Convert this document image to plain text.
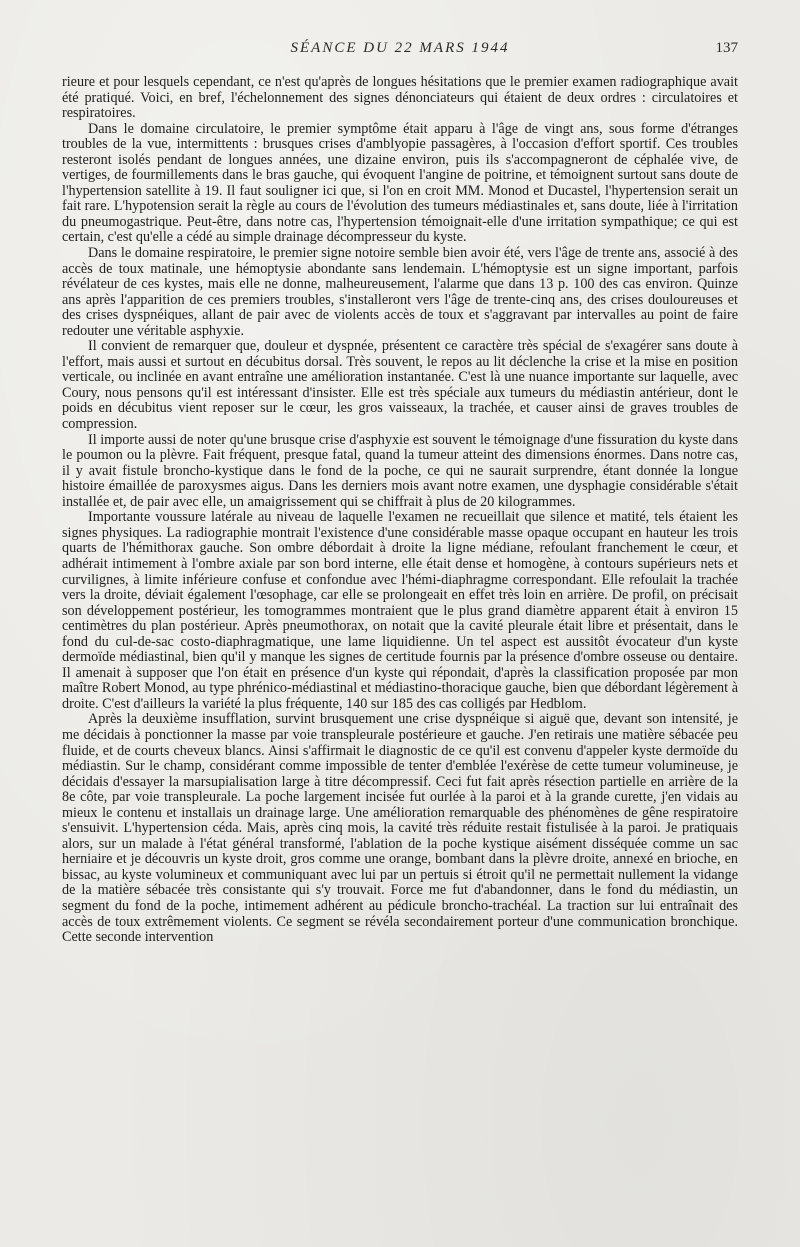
SÉANCE DU 22 MARS 1944	137

rieure et pour lesquels cependant, ce n'est qu'après de longues hésitations que le premier examen radiographique avait été pratiqué. Voici, en bref, l'échelonnement des signes dénonciateurs qui étaient de deux ordres : circulatoires et respiratoires.

Dans le domaine circulatoire, le premier symptôme était apparu à l'âge de vingt ans, sous forme d'étranges troubles de la vue, intermittents : brusques crises d'amblyopie passagères, à l'occasion d'effort sportif. Ces troubles resteront isolés pendant de longues années, une dizaine environ, puis ils s'accompagneront de céphalée vive, de vertiges, de fourmillements dans le bras gauche, qui évoquent l'angine de poitrine, et témoignent surtout sans doute de l'hypertension satellite à 19. Il faut souligner ici que, si l'on en croit MM. Monod et Ducastel, l'hypertension serait un fait rare. L'hypotension serait la règle au cours de l'évolution des tumeurs médiastinales et, sans doute, liée à l'irritation du pneumogastrique. Peut-être, dans notre cas, l'hypertension témoignait-elle d'une irritation sympathique; ce qui est certain, c'est qu'elle a cédé au simple drainage décompresseur du kyste.

Dans le domaine respiratoire, le premier signe notoire semble bien avoir été, vers l'âge de trente ans, associé à des accès de toux matinale, une hémoptysie abondante sans lendemain. L'hémoptysie est un signe important, parfois révélateur de ces kystes, mais elle ne donne, malheureusement, l'alarme que dans 13 p. 100 des cas environ. Quinze ans après l'apparition de ces premiers troubles, s'installeront vers l'âge de trente-cinq ans, des crises douloureuses et des crises dyspnéiques, allant de pair avec de violents accès de toux et s'aggravant par intervalles au point de faire redouter une véritable asphyxie.

Il convient de remarquer que, douleur et dyspnée, présentent ce caractère très spécial de s'exagérer sans doute à l'effort, mais aussi et surtout en décubitus dorsal. Très souvent, le repos au lit déclenche la crise et la mise en position verticale, ou inclinée en avant entraîne une amélioration instantanée. C'est là une nuance importante sur laquelle, avec Coury, nous pensons qu'il est intéressant d'insister. Elle est très spéciale aux tumeurs du médiastin antérieur, dont le poids en décubitus vient reposer sur le cœur, les gros vaisseaux, la trachée, et causer ainsi de graves troubles de compression.

Il importe aussi de noter qu'une brusque crise d'asphyxie est souvent le témoignage d'une fissuration du kyste dans le poumon ou la plèvre. Fait fréquent, presque fatal, quand la tumeur atteint des dimensions énormes. Dans notre cas, il y avait fistule broncho-kystique dans le fond de la poche, ce qui ne saurait surprendre, étant donnée la longue histoire émaillée de paroxysmes aigus. Dans les derniers mois avant notre examen, une dysphagie considérable s'était installée et, de pair avec elle, un amaigrissement qui se chiffrait à plus de 20 kilogrammes.

Importante voussure latérale au niveau de laquelle l'examen ne recueillait que silence et matité, tels étaient les signes physiques. La radiographie montrait l'existence d'une considérable masse opaque occupant en hauteur les trois quarts de l'hémithorax gauche. Son ombre débordait à droite la ligne médiane, refoulant franchement le cœur, et adhérait intimement à l'ombre axiale par son bord interne, elle était dense et homogène, à contours supérieurs nets et curvilignes, à limite inférieure confuse et confondue avec l'hémi-diaphragme correspondant. Elle refoulait la trachée vers la droite, déviait également l'œsophage, car elle se prolongeait en effet très loin en arrière. De profil, on précisait son développement postérieur, les tomogrammes montraient que le plus grand diamètre apparent était à environ 15 centimètres du plan postérieur. Après pneumothorax, on notait que la cavité pleurale était libre et présentait, dans le fond du cul-de-sac costo-diaphragmatique, une lame liquidienne. Un tel aspect est aussitôt évocateur d'un kyste dermoïde médiastinal, bien qu'il y manque les signes de certitude fournis par la présence d'ombre osseuse ou dentaire. Il amenait à supposer que l'on était en présence d'un kyste qui répondait, d'après la classification proposée par mon maître Robert Monod, au type phrénico-médiastinal et médiastino-thoracique gauche, bien que débordant légèrement à droite. C'est d'ailleurs la variété la plus fréquente, 140 sur 185 des cas colligés par Hedblom.

Après la deuxième insufflation, survint brusquement une crise dyspnéique si aiguë que, devant son intensité, je me décidais à ponctionner la masse par voie transpleurale postérieure et gauche. J'en retirais une matière sébacée peu fluide, et de courts cheveux blancs. Ainsi s'affirmait le diagnostic de ce qu'il est convenu d'appeler kyste dermoïde du médiastin. Sur le champ, considérant comme impossible de tenter d'emblée l'exérèse de cette tumeur volumineuse, je décidais d'essayer la marsupialisation large à titre décompressif. Ceci fut fait après résection partielle en arrière de la 8e côte, par voie transpleurale. La poche largement incisée fut ourlée à la paroi et à la grande curette, j'en vidais au mieux le contenu et installais un drainage large. Une amélioration remarquable des phénomènes de gêne respiratoire s'ensuivit. L'hypertension céda. Mais, après cinq mois, la cavité très réduite restait fistulisée à la paroi. Je pratiquais alors, sur un malade à l'état général transformé, l'ablation de la poche kystique aisément disséquée comme un sac herniaire et je découvris un kyste droit, gros comme une orange, bombant dans la plèvre droite, annexé en brioche, en bissac, au kyste volumineux et communiquant avec lui par un pertuis si étroit qu'il ne permettait nullement la vidange de la matière sébacée très consistante qui s'y trouvait. Force me fut d'abandonner, dans le fond du médiastin, un segment du fond de la poche, intimement adhérent au pédicule broncho-trachéal. La traction sur lui entraînait des accès de toux extrêmement violents. Ce segment se révéla secondairement porteur d'une communication bronchique. Cette seconde intervention
